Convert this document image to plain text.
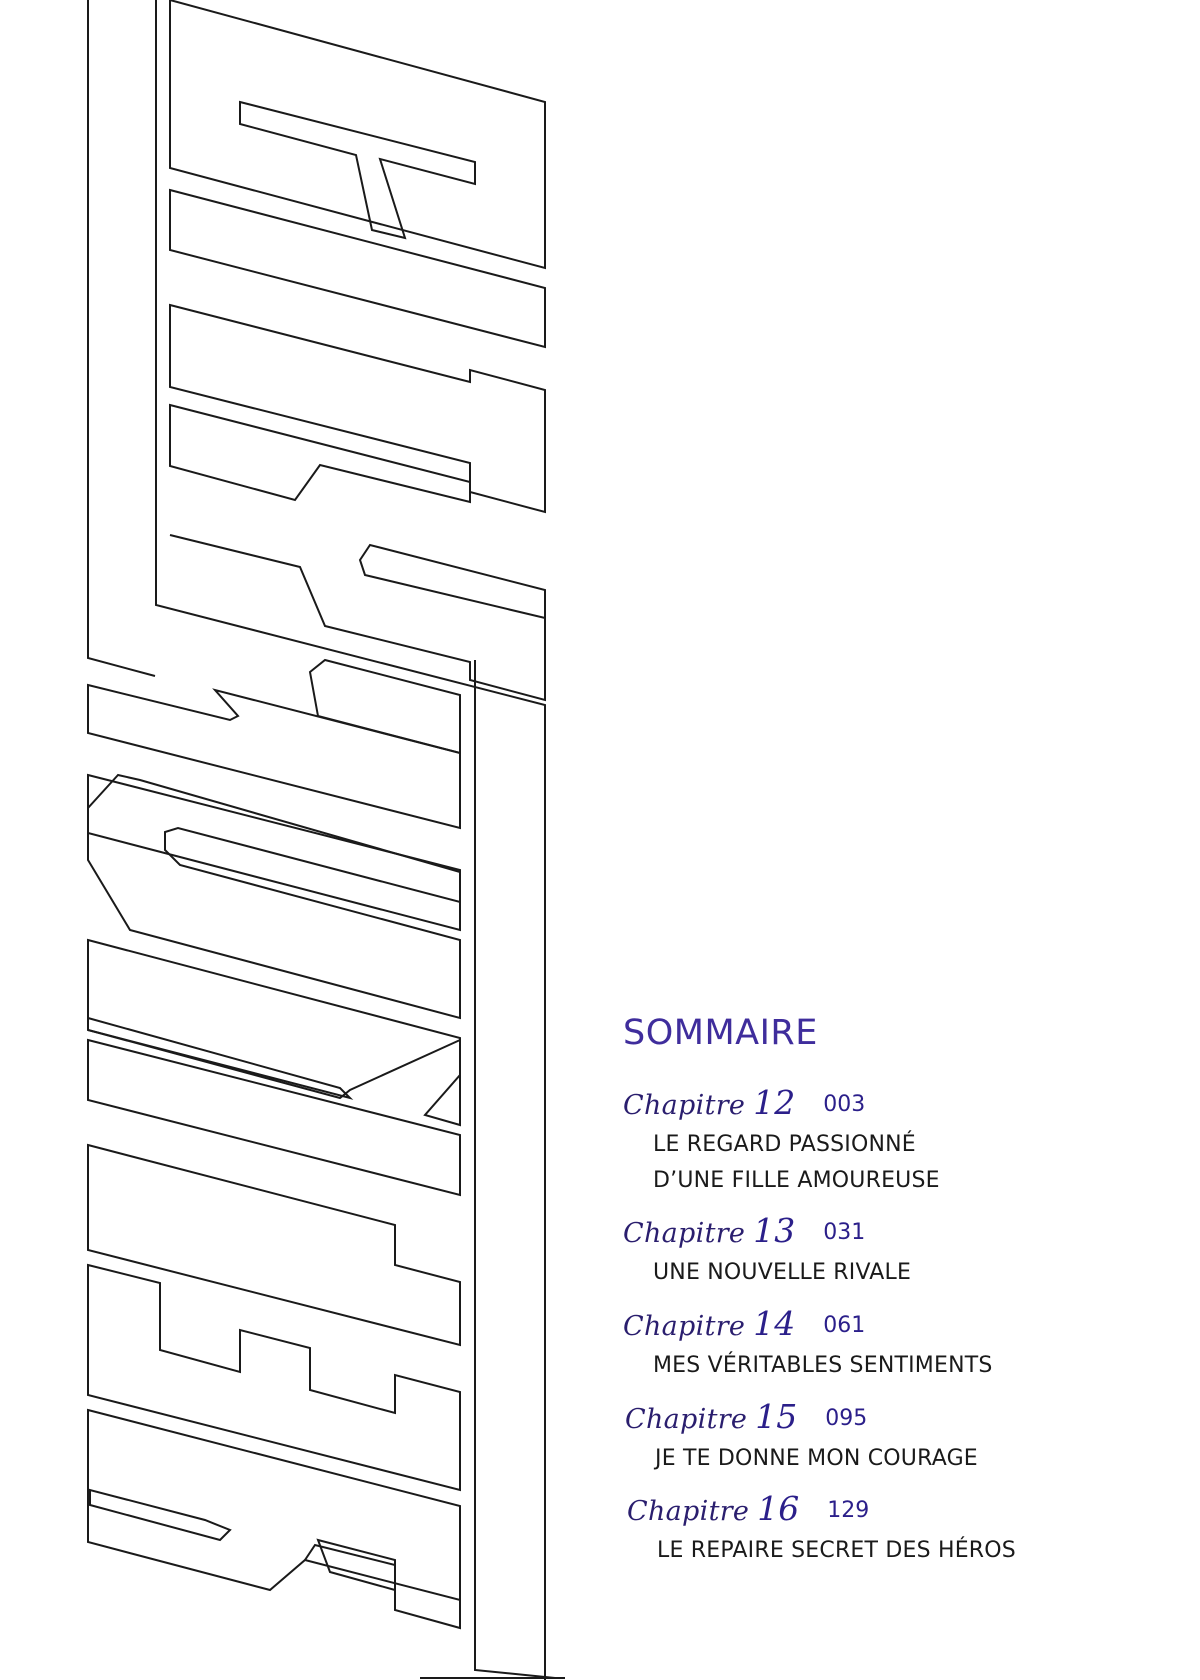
SOMMAIRE
Chapitre 12 003
LE REGARD PASSIONNÉ
D’UNE FILLE AMOUREUSE
Chapitre 13 031
UNE NOUVELLE RIVALE
Chapitre 14 061
MES VÉRITABLES SENTIMENTS
Chapitre 15 095
JE TE DONNE MON COURAGE
Chapitre 16 129
LE REPAIRE SECRET DES HÉROS
